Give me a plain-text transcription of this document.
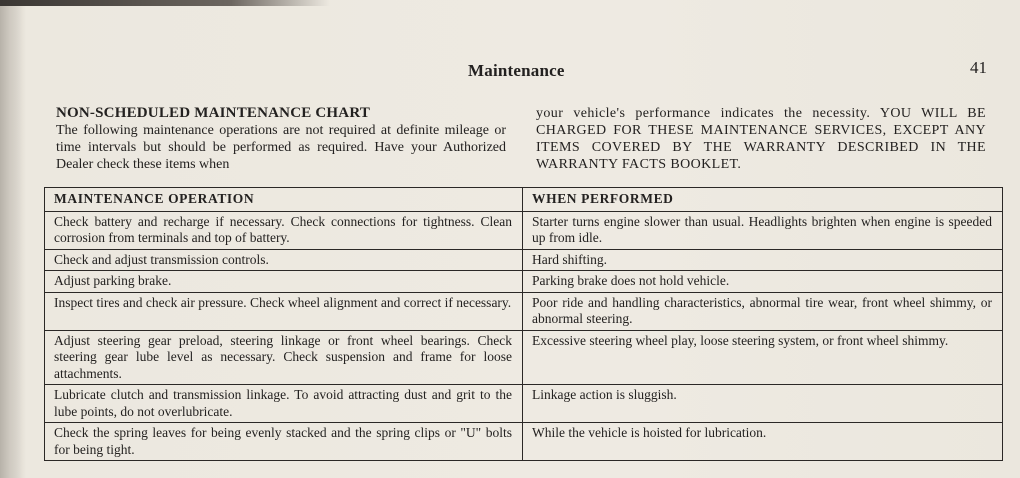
Maintenance	41
NON-SCHEDULED MAINTENANCE CHART
The following maintenance operations are not required at definite mileage or time intervals but should be performed as required. Have your Authorized Dealer check these items when
your vehicle's performance indicates the necessity. YOU WILL BE CHARGED FOR THESE MAINTENANCE SERVICES, EXCEPT ANY ITEMS COVERED BY THE WARRANTY DESCRIBED IN THE WARRANTY FACTS BOOKLET.
MAINTENANCE OPERATION	WHEN PERFORMED
Check battery and recharge if necessary. Check connections for tightness. Clean corrosion from terminals and top of battery.	Starter turns engine slower than usual. Headlights brighten when engine is speeded up from idle.
Check and adjust transmission controls.	Hard shifting.
Adjust parking brake.	Parking brake does not hold vehicle.
Inspect tires and check air pressure. Check wheel alignment and correct if necessary.	Poor ride and handling characteristics, abnormal tire wear, front wheel shimmy, or abnormal steering.
Adjust steering gear preload, steering linkage or front wheel bearings. Check steering gear lube level as necessary. Check suspension and frame for loose attachments.	Excessive steering wheel play, loose steering system, or front wheel shimmy.
Lubricate clutch and transmission linkage. To avoid attracting dust and grit to the lube points, do not overlubricate.	Linkage action is sluggish.
Check the spring leaves for being evenly stacked and the spring clips or "U" bolts for being tight.	While the vehicle is hoisted for lubrication.
